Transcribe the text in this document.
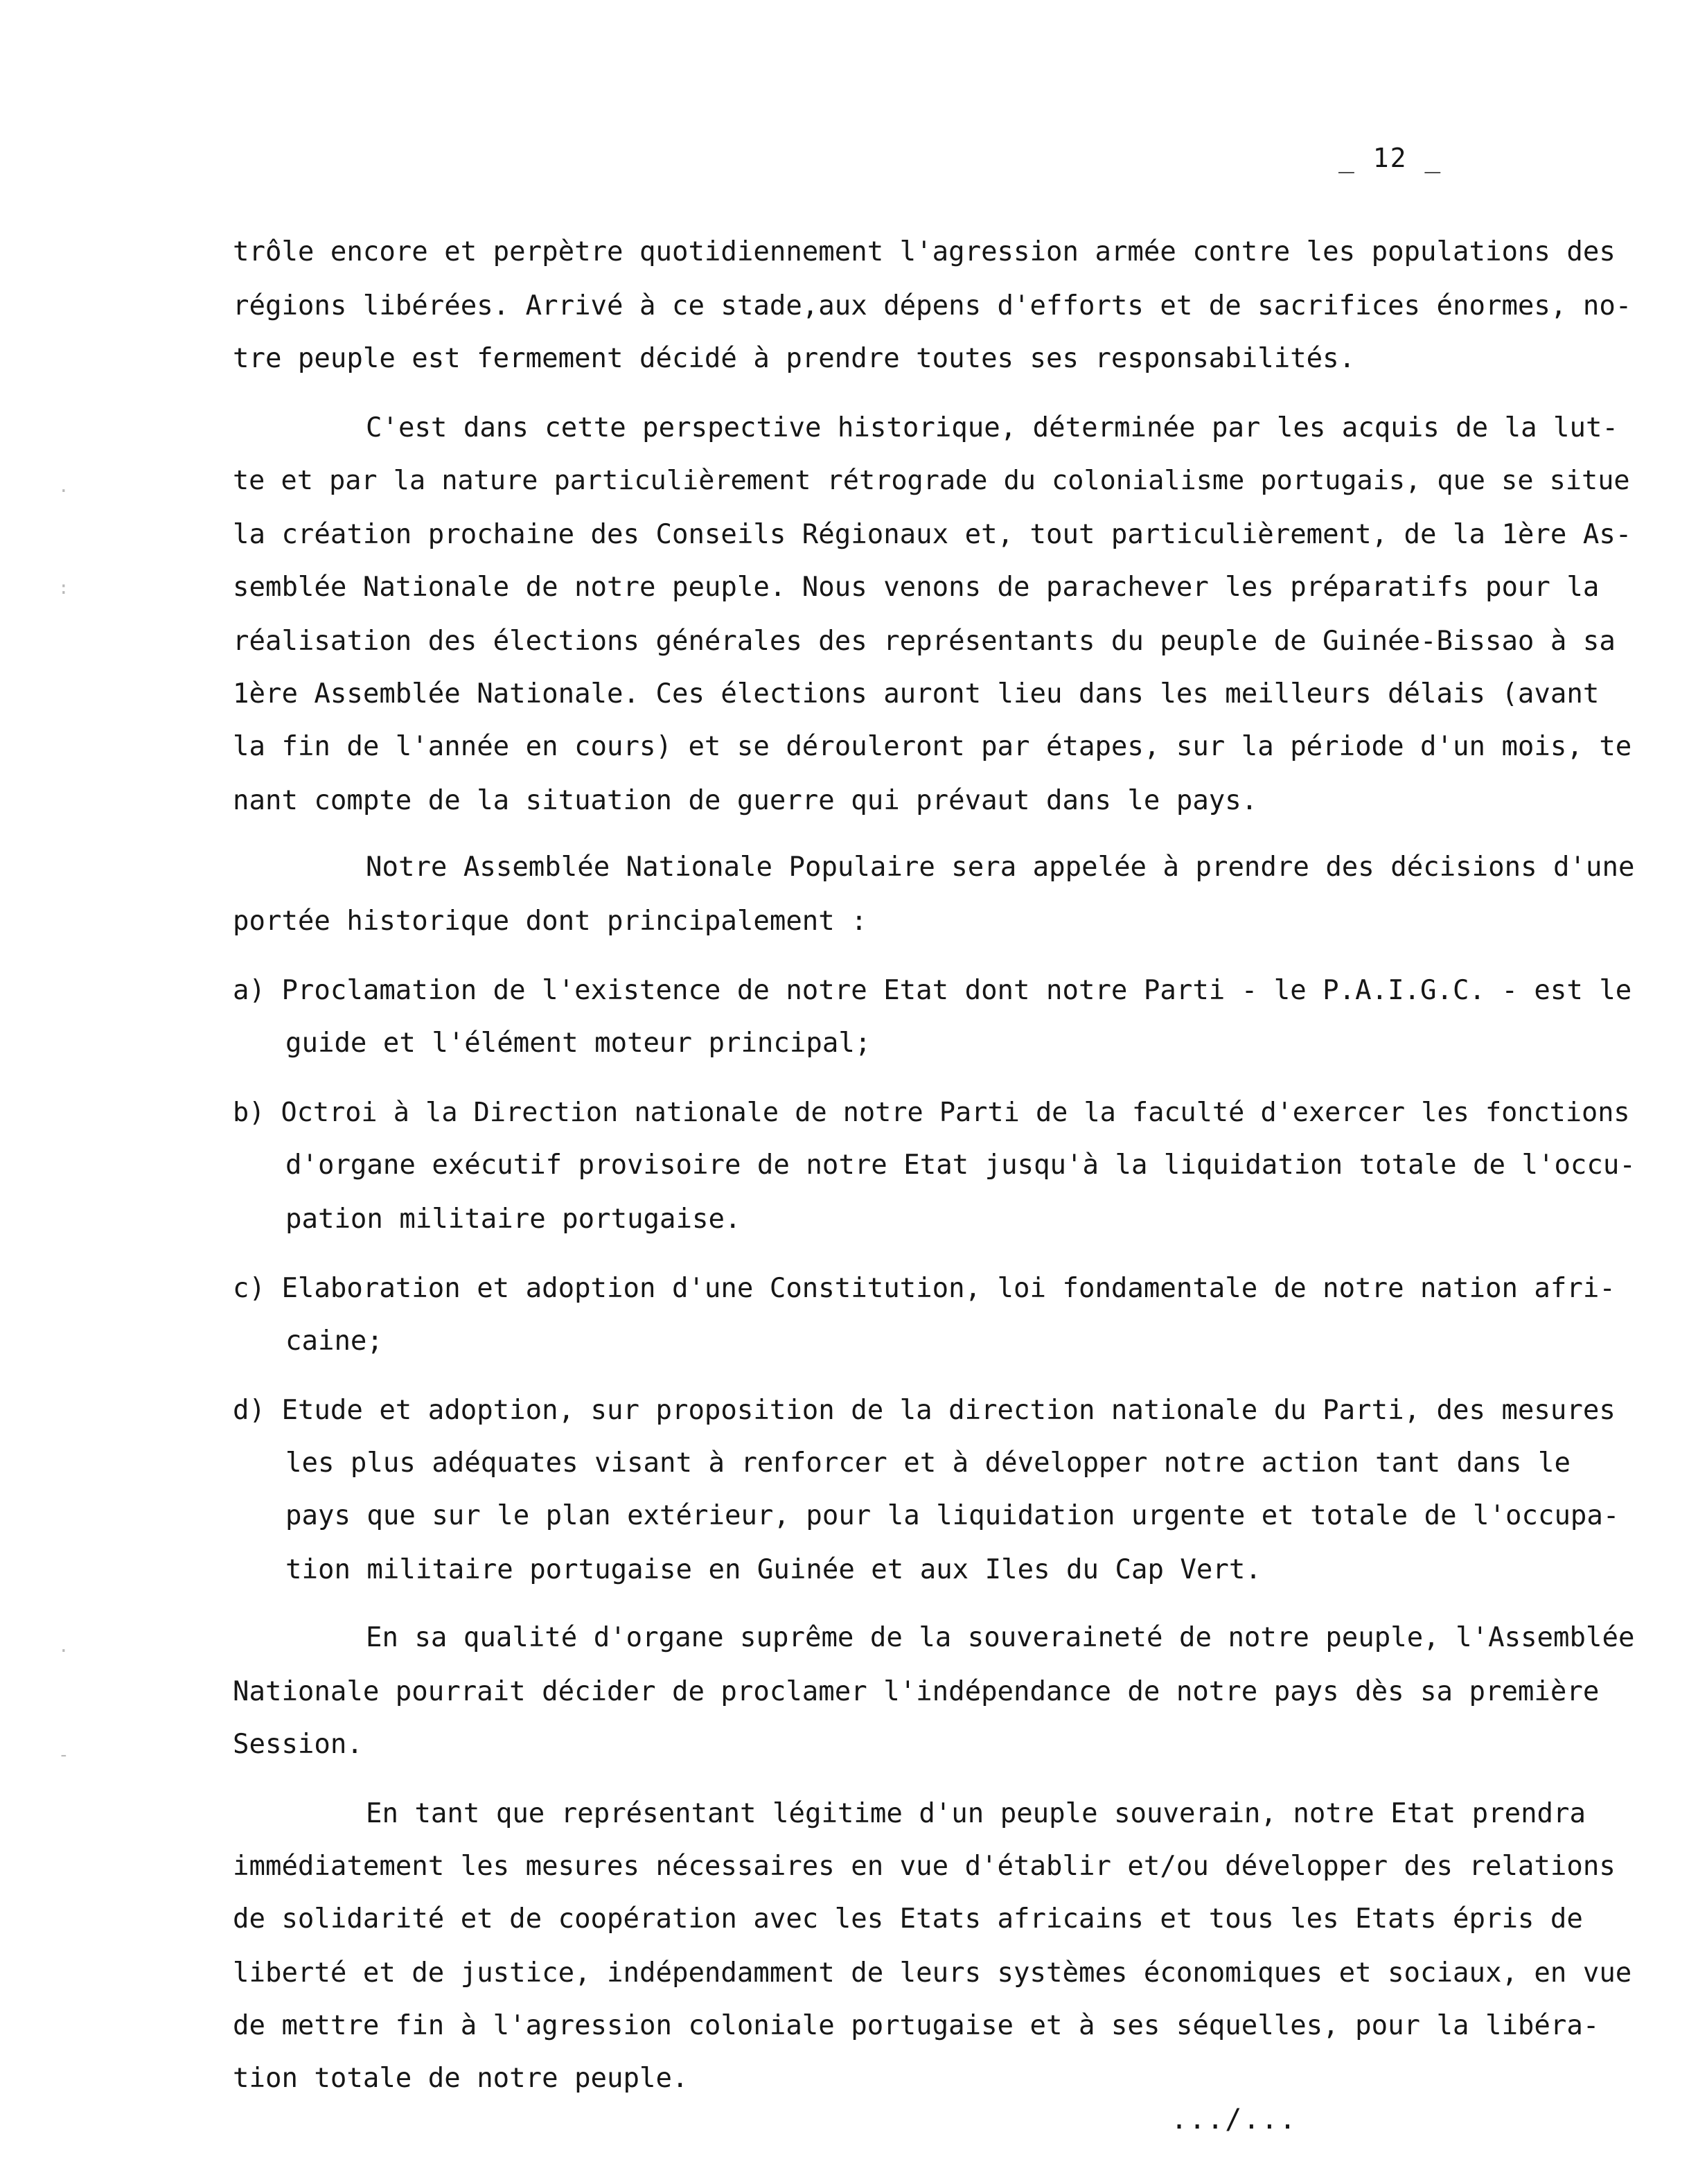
_ 12 _
trôle encore et perpètre quotidiennement l'agression armée contre les populations des
régions libérées. Arrivé à ce stade,aux dépens d'efforts et de sacrifices énormes, no-
tre peuple est fermement décidé à prendre toutes ses responsabilités.
C'est dans cette perspective historique, déterminée par les acquis de la lut-
te et par la nature particulièrement rétrograde du colonialisme portugais, que se situe
la création prochaine des Conseils Régionaux et, tout particulièrement, de la 1ère As-
semblée Nationale de notre peuple. Nous venons de parachever les préparatifs pour la
réalisation des élections générales des représentants du peuple de Guinée-Bissao à sa
1ère Assemblée Nationale. Ces élections auront lieu dans les meilleurs délais (avant
la fin de l'année en cours) et se dérouleront par étapes, sur la période d'un mois, te
nant compte de la situation de guerre qui prévaut dans le pays.
Notre Assemblée Nationale Populaire sera appelée à prendre des décisions d'une
portée historique dont principalement :
a) Proclamation de l'existence de notre Etat dont notre Parti - le P.A.I.G.C. - est le
guide et l'élément moteur principal;
b) Octroi à la Direction nationale de notre Parti de la faculté d'exercer les fonctions
d'organe exécutif provisoire de notre Etat jusqu'à la liquidation totale de l'occu-
pation militaire portugaise.
c) Elaboration et adoption d'une Constitution, loi fondamentale de notre nation afri-
caine;
d) Etude et adoption, sur proposition de la direction nationale du Parti, des mesures
les plus adéquates visant à renforcer et à développer notre action tant dans le
pays que sur le plan extérieur, pour la liquidation urgente et totale de l'occupa-
tion militaire portugaise en Guinée et aux Iles du Cap Vert.
En sa qualité d'organe suprême de la souveraineté de notre peuple, l'Assemblée
Nationale pourrait décider de proclamer l'indépendance de notre pays dès sa première
Session.
En tant que représentant légitime d'un peuple souverain, notre Etat prendra
immédiatement les mesures nécessaires en vue d'établir et/ou développer des relations
de solidarité et de coopération avec les Etats africains et tous les Etats épris de
liberté et de justice, indépendamment de leurs systèmes économiques et sociaux, en vue
de mettre fin à l'agression coloniale portugaise et à ses séquelles, pour la libéra-
tion totale de notre peuple.
.../...
·
:
·
-
